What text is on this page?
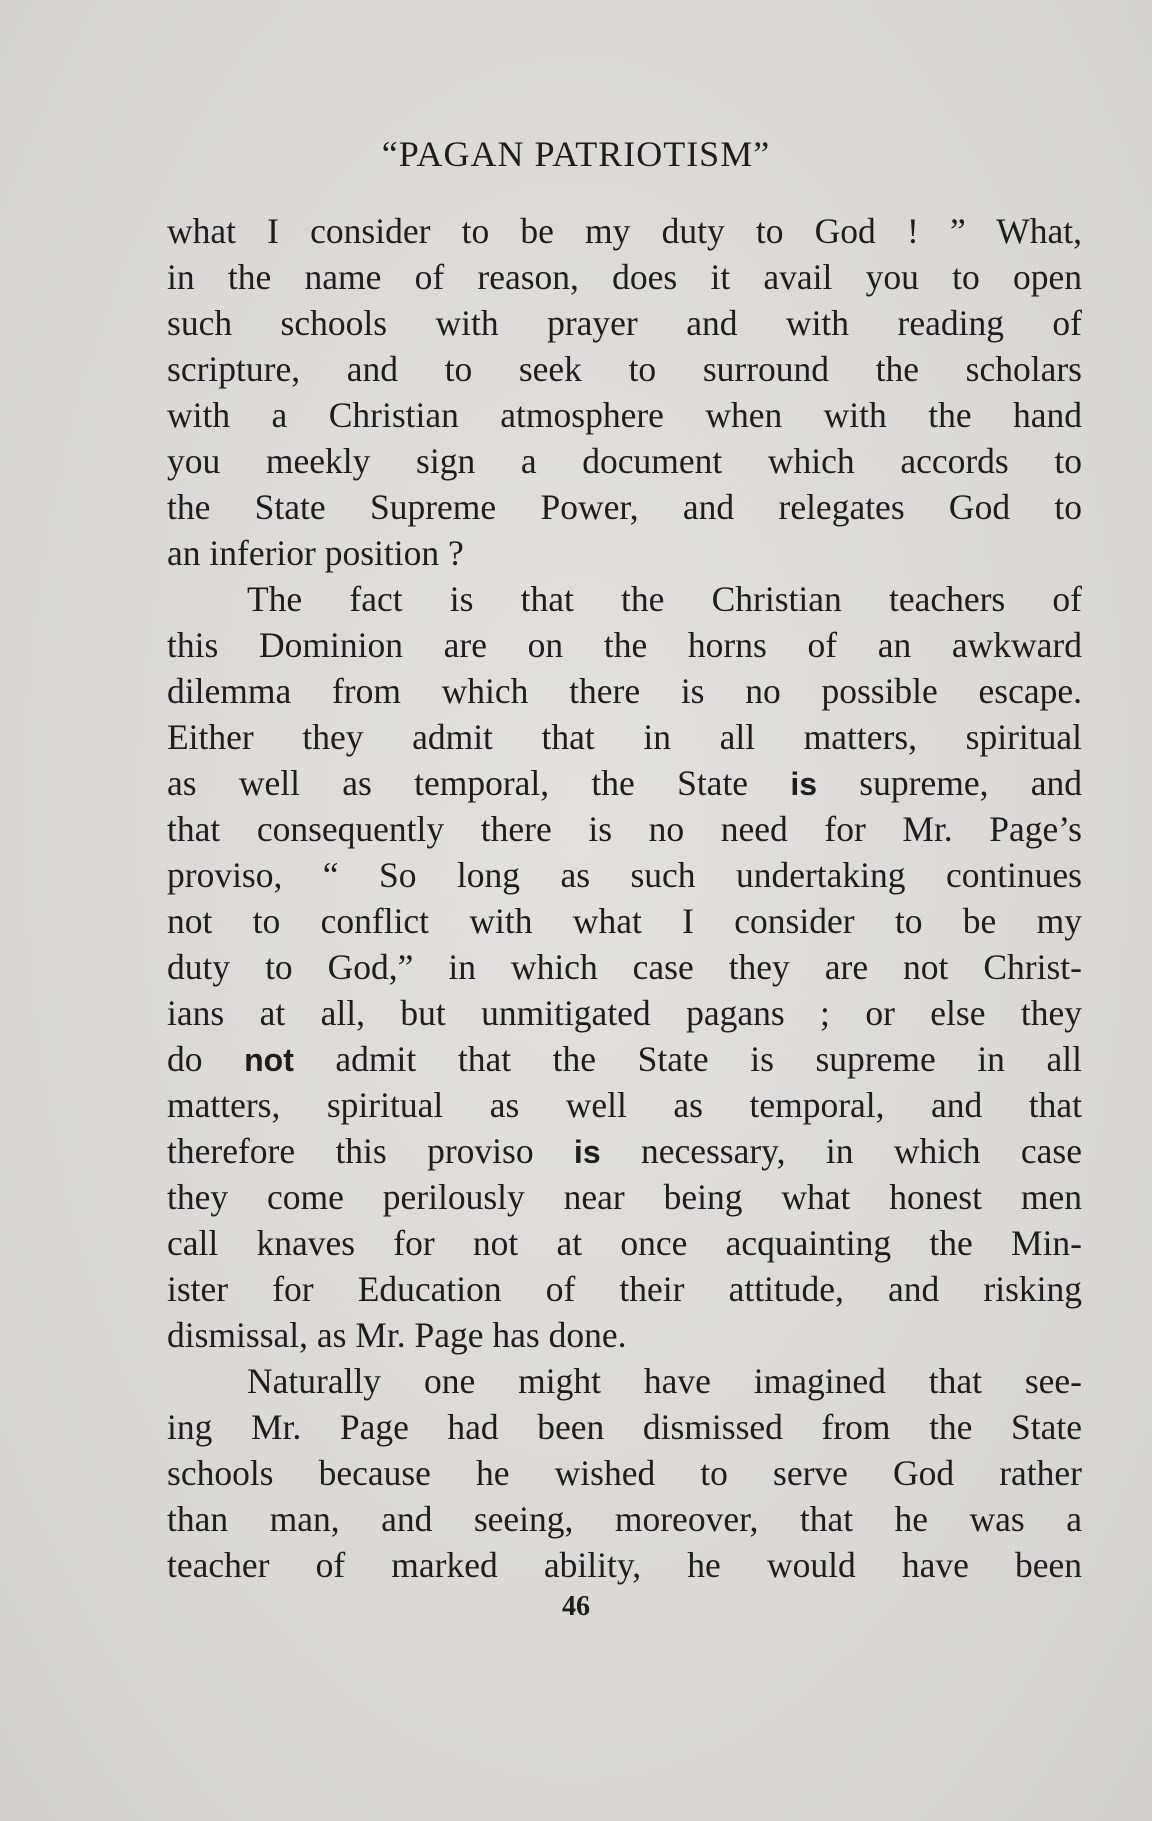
“PAGAN PATRIOTISM”
what I consider to be my duty to God ! ” What,
in the name of reason, does it avail you to open
such schools with prayer and with reading of
scripture, and to seek to surround the scholars
with a Christian atmosphere when with the hand
you meekly sign a document which accords to
the State Supreme Power, and relegates God to
an inferior position ?
The fact is that the Christian teachers of
this Dominion are on the horns of an awkward
dilemma from which there is no possible escape.
Either they admit that in all matters, spiritual
as well as temporal, the State is supreme, and
that consequently there is no need for Mr. Page’s
proviso, “ So long as such undertaking continues
not to conflict with what I consider to be my
duty to God,” in which case they are not Christ-
ians at all, but unmitigated pagans ; or else they
do not admit that the State is supreme in all
matters, spiritual as well as temporal, and that
therefore this proviso is necessary, in which case
they come perilously near being what honest men
call knaves for not at once acquainting the Min-
ister for Education of their attitude, and risking
dismissal, as Mr. Page has done.
Naturally one might have imagined that see-
ing Mr. Page had been dismissed from the State
schools because he wished to serve God rather
than man, and seeing, moreover, that he was a
teacher of marked ability, he would have been
46
